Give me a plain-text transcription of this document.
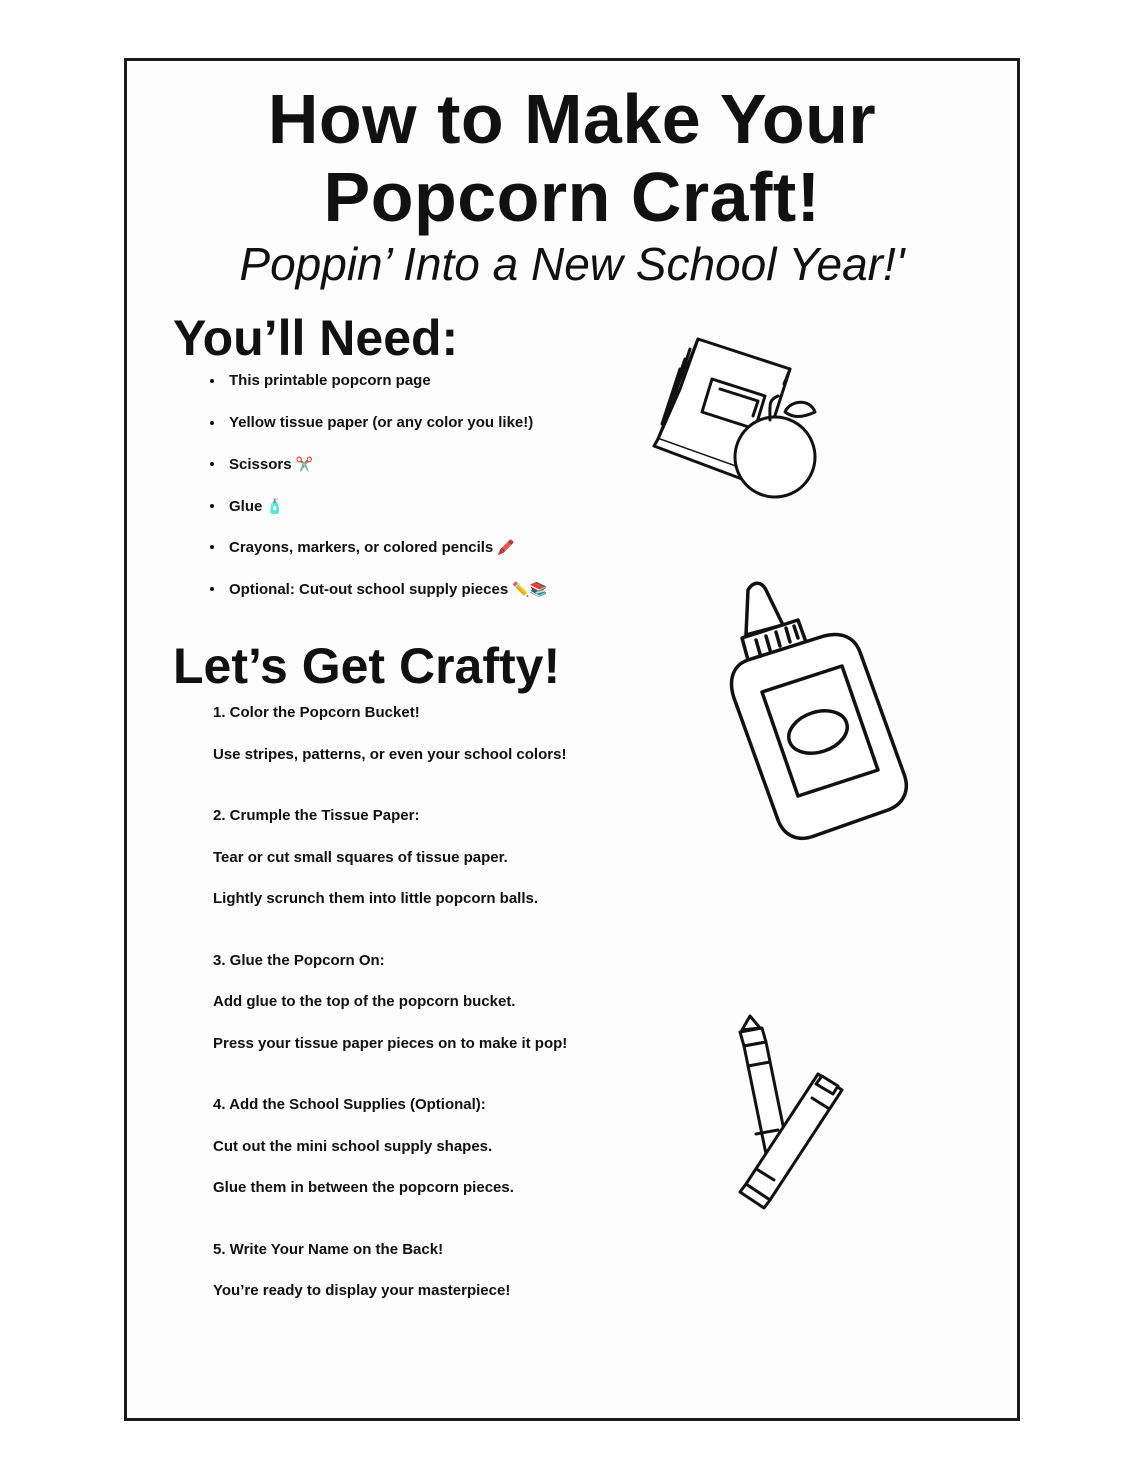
How to Make Your
Popcorn Craft!

Poppin’ Into a New School Year!'

You’ll Need:
This printable popcorn page
Yellow tissue paper (or any color you like!)
Scissors ✂️
Glue 🧴
Crayons, markers, or colored pencils 🖍️
Optional: Cut-out school supply pieces ✏️📚
Let’s Get Crafty!
1. Color the Popcorn Bucket!
Use stripes, patterns, or even your school colors!
2. Crumple the Tissue Paper:
Tear or cut small squares of tissue paper.
Lightly scrunch them into little popcorn balls.
3. Glue the Popcorn On:
Add glue to the top of the popcorn bucket.
Press your tissue paper pieces on to make it pop!
4. Add the School Supplies (Optional):
Cut out the mini school supply shapes.
Glue them in between the popcorn pieces.
5. Write Your Name on the Back!
You’re ready to display your masterpiece!
